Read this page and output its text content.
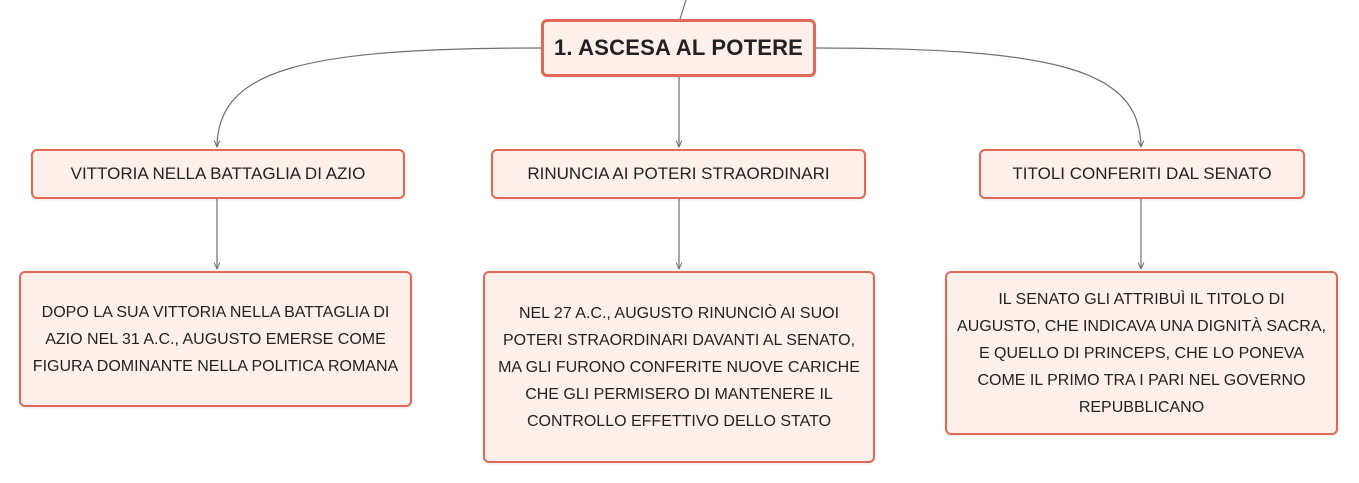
1. ASCESA AL POTERE
VITTORIA NELLA BATTAGLIA DI AZIO	RINUNCIA AI POTERI STRAORDINARI	TITOLI CONFERITI DAL SENATO
DOPO LA SUA VITTORIA NELLA BATTAGLIA DI AZIO NEL 31 A.C., AUGUSTO EMERSE COME FIGURA DOMINANTE NELLA POLITICA ROMANA
NEL 27 A.C., AUGUSTO RINUNCIÒ AI SUOI POTERI STRAORDINARI DAVANTI AL SENATO, MA GLI FURONO CONFERITE NUOVE CARICHE CHE GLI PERMISERO DI MANTENERE IL CONTROLLO EFFETTIVO DELLO STATO
IL SENATO GLI ATTRIBUÌ IL TITOLO DI AUGUSTO, CHE INDICAVA UNA DIGNITÀ SACRA, E QUELLO DI PRINCEPS, CHE LO PONEVA COME IL PRIMO TRA I PARI NEL GOVERNO REPUBBLICANO
